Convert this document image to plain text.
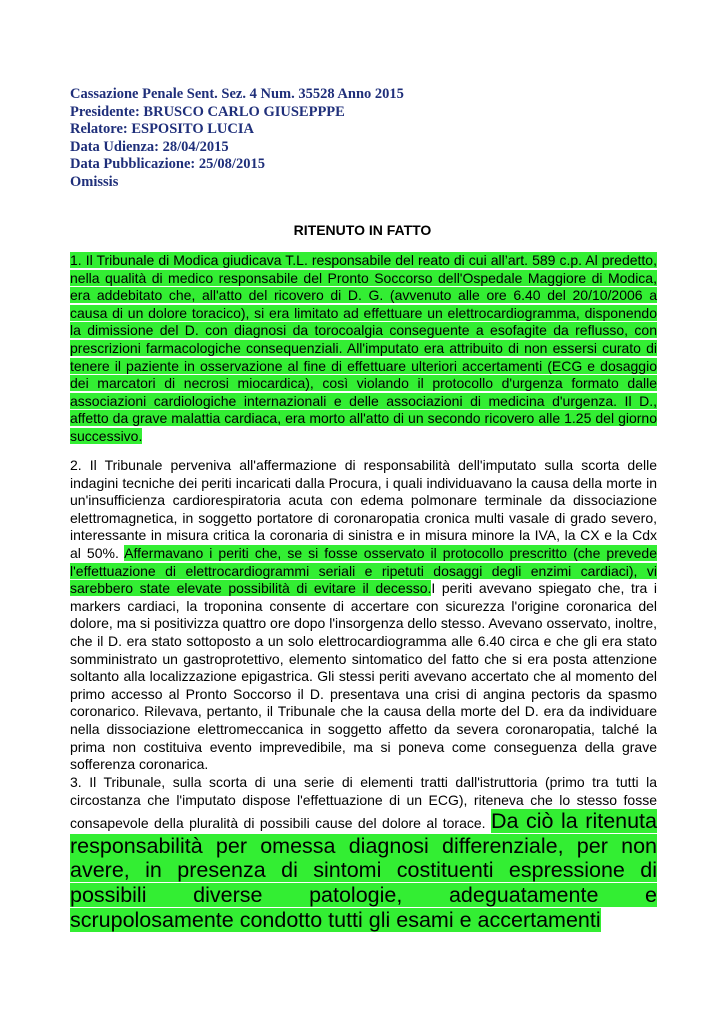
Cassazione Penale Sent. Sez. 4 Num. 35528 Anno 2015
Presidente: BRUSCO CARLO GIUSEPPPE
Relatore: ESPOSITO LUCIA
Data Udienza: 28/04/2015
Data Pubblicazione: 25/08/2015
Omissis
RITENUTO IN FATTO
1. Il Tribunale di Modica giudicava T.L. responsabile del reato di cui all’art. 589 c.p. Al predetto, nella qualità di medico responsabile del Pronto Soccorso dell'Ospedale Maggiore di Modica, era addebitato che, all'atto del ricovero di D. G. (avvenuto alle ore 6.40 del 20/10/2006 a causa di un dolore toracico), si era limitato ad effettuare un elettrocardiogramma, disponendo la dimissione del D. con diagnosi da torocoalgia conseguente a esofagite da reflusso, con prescrizioni farmacologiche consequenziali. All'imputato era attribuito di non essersi curato di tenere il paziente in osservazione al fine di effettuare ulteriori accertamenti (ECG e dosaggio dei marcatori di necrosi miocardica), così violando il protocollo d'urgenza formato dalle associazioni cardiologiche internazionali e delle associazioni di medicina d'urgenza. Il D., affetto da grave malattia cardiaca, era morto all'atto di un secondo ricovero alle 1.25 del giorno successivo.
2. Il Tribunale perveniva all'affermazione di responsabilità dell'imputato sulla scorta delle indagini tecniche dei periti incaricati dalla Procura, i quali individuavano la causa della morte in un'insufficienza cardiorespiratoria acuta con edema polmonare terminale da dissociazione elettromagnetica, in soggetto portatore di coronaropatia cronica multi vasale di grado severo, interessante in misura critica la coronaria di sinistra e in misura minore la IVA, la CX e la Cdx al 50%. Affermavano i periti che, se si fosse osservato il protocollo prescritto (che prevede l'effettuazione di elettrocardiogrammi seriali e ripetuti dosaggi degli enzimi cardiaci), vi sarebbero state elevate possibilità di evitare il decesso.I periti avevano spiegato che, tra i markers cardiaci, la troponina consente di accertare con sicurezza l'origine coronarica del dolore, ma si positivizza quattro ore dopo l'insorgenza dello stesso. Avevano osservato, inoltre, che il D. era stato sottoposto a un solo elettrocardiogramma alle 6.40 circa e che gli era stato somministrato un gastroprotettivo, elemento sintomatico del fatto che si era posta attenzione soltanto alla localizzazione epigastrica. Gli stessi periti avevano accertato che al momento del primo accesso al Pronto Soccorso il D. presentava una crisi di angina pectoris da spasmo coronarico. Rilevava, pertanto, il Tribunale che la causa della morte del D. era da individuare nella dissociazione elettromeccanica in soggetto affetto da severa coronaropatia, talché la prima non costituiva evento imprevedibile, ma si poneva come conseguenza della grave sofferenza coronarica.
3. Il Tribunale, sulla scorta di una serie di elementi tratti dall'istruttoria (primo tra tutti la circostanza che l'imputato dispose l'effettuazione di un ECG), riteneva che lo stesso fosse consapevole della pluralità di possibili cause del dolore al torace. Da ciò la ritenuta responsabilità per omessa diagnosi differenziale, per non avere, in presenza di sintomi costituenti espressione di possibili diverse patologie, adeguatamente e scrupolosamente condotto tutti gli esami e accertamenti
